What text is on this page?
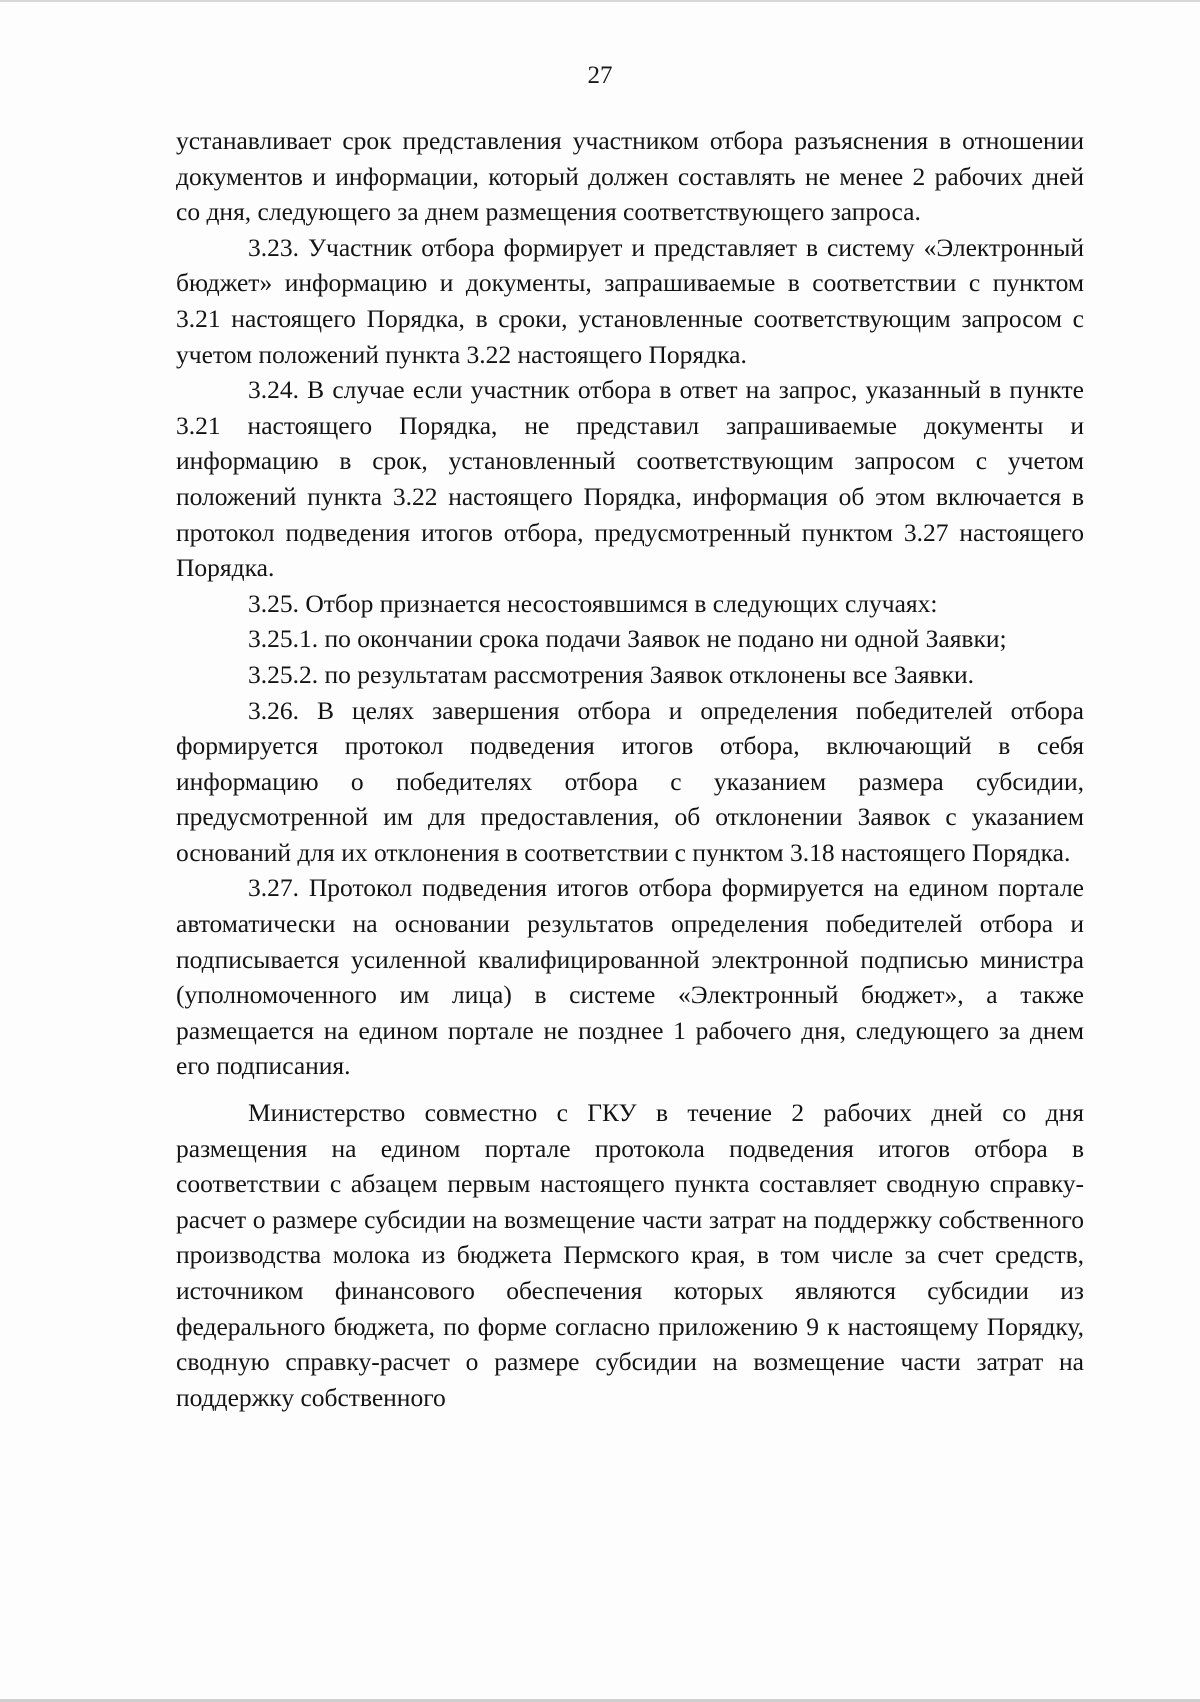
27

устанавливает срок представления участником отбора разъяснения в отношении документов и информации, который должен составлять не менее 2 рабочих дней со дня, следующего за днем размещения соответствующего запроса.

3.23. Участник отбора формирует и представляет в систему «Электронный бюджет» информацию и документы, запрашиваемые в соответствии с пунктом 3.21 настоящего Порядка, в сроки, установленные соответствующим запросом с учетом положений пункта 3.22 настоящего Порядка.

3.24. В случае если участник отбора в ответ на запрос, указанный в пункте 3.21 настоящего Порядка, не представил запрашиваемые документы и информацию в срок, установленный соответствующим запросом с учетом положений пункта 3.22 настоящего Порядка, информация об этом включается в протокол подведения итогов отбора, предусмотренный пунктом 3.27 настоящего Порядка.

3.25. Отбор признается несостоявшимся в следующих случаях:

3.25.1. по окончании срока подачи Заявок не подано ни одной Заявки;

3.25.2. по результатам рассмотрения Заявок отклонены все Заявки.

3.26. В целях завершения отбора и определения победителей отбора формируется протокол подведения итогов отбора, включающий в себя информацию о победителях отбора с указанием размера субсидии, предусмотренной им для предоставления, об отклонении Заявок с указанием оснований для их отклонения в соответствии с пунктом 3.18 настоящего Порядка.

3.27. Протокол подведения итогов отбора формируется на едином портале автоматически на основании результатов определения победителей отбора и подписывается усиленной квалифицированной электронной подписью министра (уполномоченного им лица) в системе «Электронный бюджет», а также размещается на едином портале не позднее 1 рабочего дня, следующего за днем его подписания.

Министерство совместно с ГКУ в течение 2 рабочих дней со дня размещения на едином портале протокола подведения итогов отбора в соответствии с абзацем первым настоящего пункта составляет сводную справку-расчет о размере субсидии на возмещение части затрат на поддержку собственного производства молока из бюджета Пермского края, в том числе за счет средств, источником финансового обеспечения которых являются субсидии из федерального бюджета, по форме согласно приложению 9 к настоящему Порядку, сводную справку-расчет о размере субсидии на возмещение части затрат на поддержку собственного
